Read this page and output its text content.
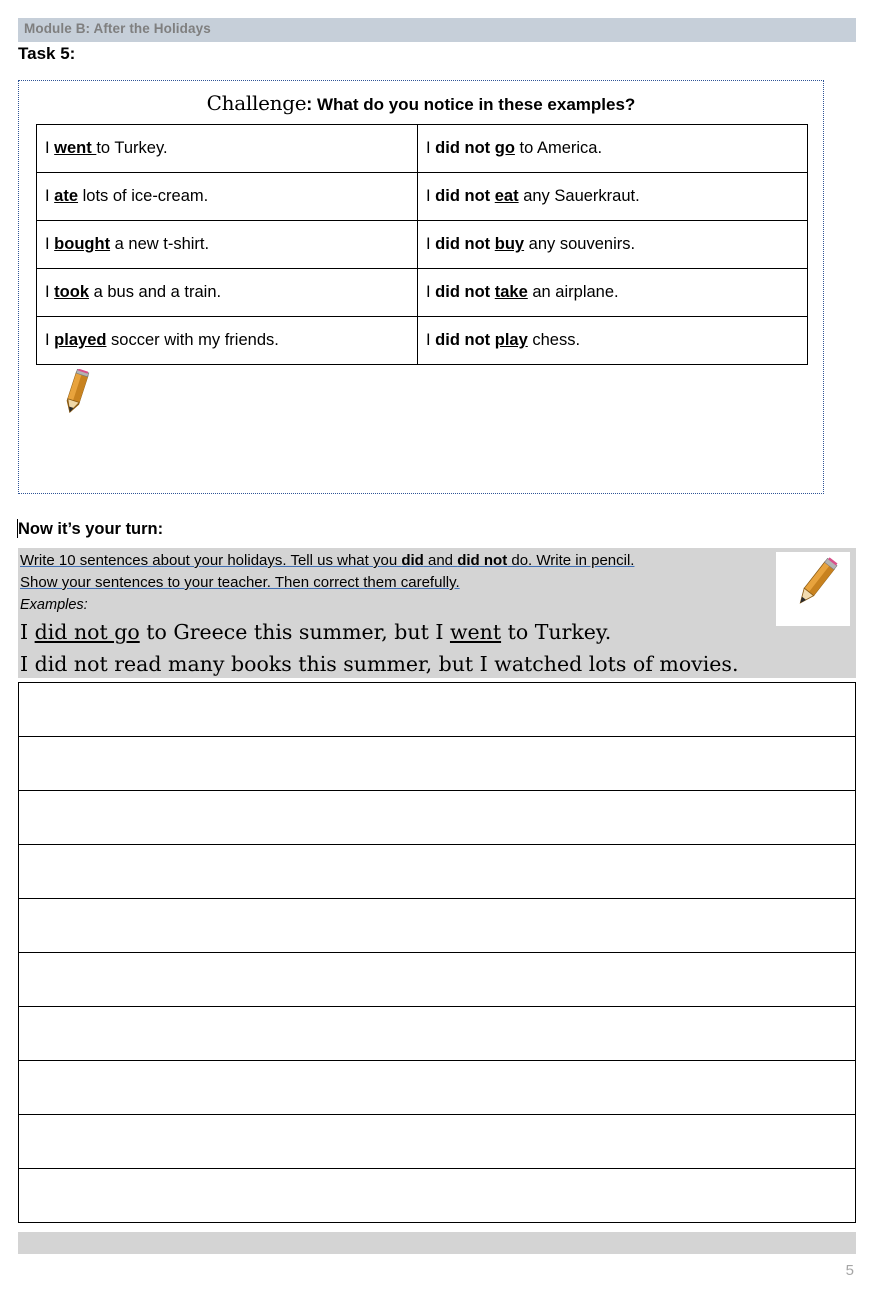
Module B: After the Holidays
Task 5:
Challenge: What do you notice in these examples?
I went to Turkey.	I did not go to America.
I ate lots of ice-cream.	I did not eat any Sauerkraut.
I bought a new t-shirt.	I did not buy any souvenirs.
I took a bus and a train.	I did not take an airplane.
I played soccer with my friends.	I did not play chess.
Now it’s your turn:
Write 10 sentences about your holidays. Tell us what you did and did not do. Write in pencil.
Show your sentences to your teacher. Then correct them carefully.
Examples:
I did not go to Greece this summer, but I went to Turkey.
I did not read many books this summer, but I watched lots of movies.

5
